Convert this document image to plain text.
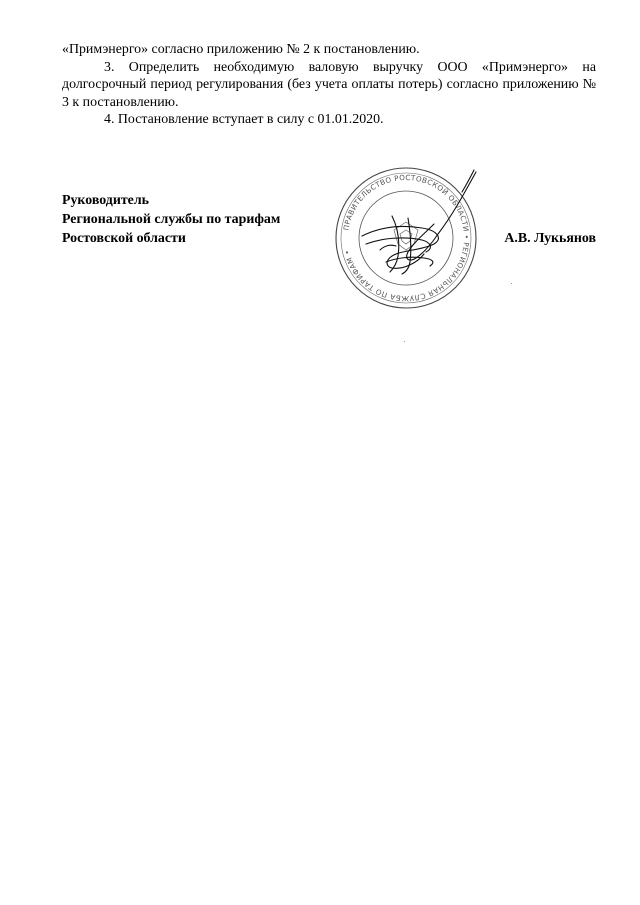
«Примэнерго» согласно приложению № 2 к постановлению.

3. Определить необходимую валовую выручку ООО «Примэнерго» на долгосрочный период регулирования (без учета оплаты потерь) согласно приложению № 3 к постановлению.

4. Постановление вступает в силу с 01.01.2020.

Руководитель
Региональной службы по тарифам
Ростовской области	А.В. Лукьянов
ПРАВИТЕЛЬСТВО РОСТОВСКОЙ ОБЛАСТИ • РЕГИОНАЛЬНАЯ СЛУЖБА ПО ТАРИФАМ •
